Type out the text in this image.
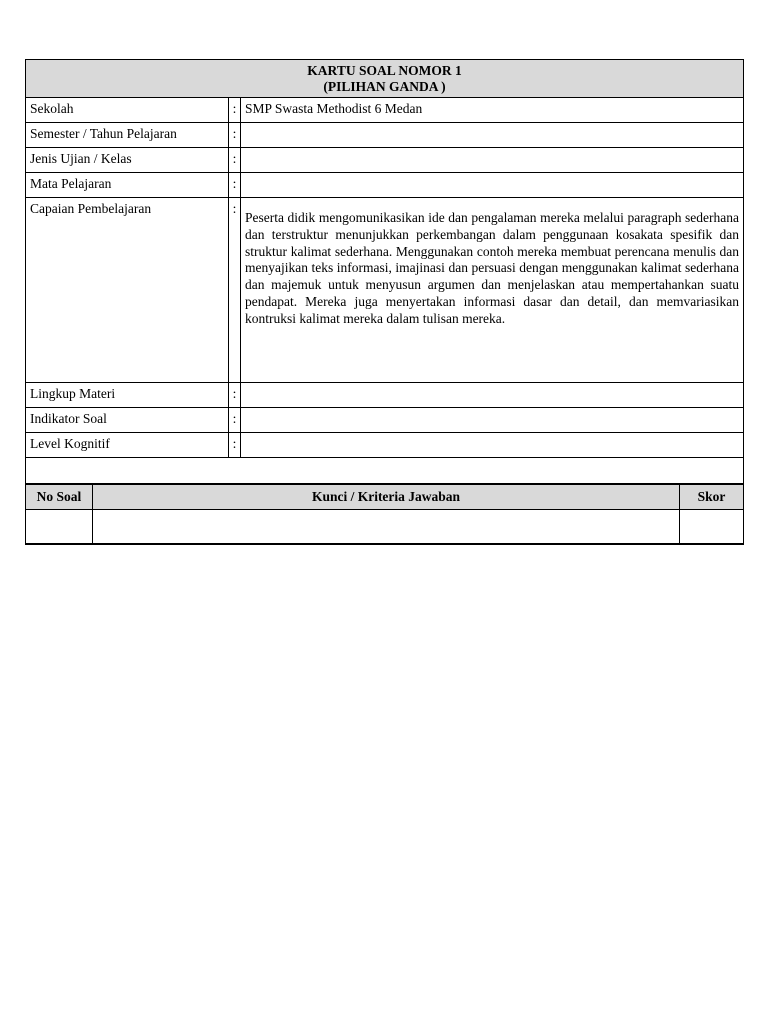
KARTU SOAL NOMOR 1
(PILIHAN GANDA )		

Sekolah	:	SMP Swasta Methodist 6 Medan
Semester / Tahun Pelajaran	:	
Jenis Ujian / Kelas	:	
Mata Pelajaran	:	
Capaian Pembelajaran	:	Peserta didik mengomunikasikan ide dan pengalaman mereka melalui paragraph sederhana dan terstruktur menunjukkan perkembangan dalam penggunaan kosakata spesifik dan struktur kalimat sederhana. Menggunakan contoh mereka membuat perencana menulis dan menyajikan teks informasi, imajinasi dan persuasi dengan menggunakan kalimat sederhana dan majemuk untuk menyusun argumen dan menjelaskan atau mempertahankan suatu pendapat. Mereka juga menyertakan informasi dasar dan detail, dan memvariasikan kontruksi kalimat mereka dalam tulisan mereka.
Lingkup Materi	:	
Indikator Soal	:	
Level Kognitif	:	

No Soal	Kunci / Kriteria Jawaban	Skor
